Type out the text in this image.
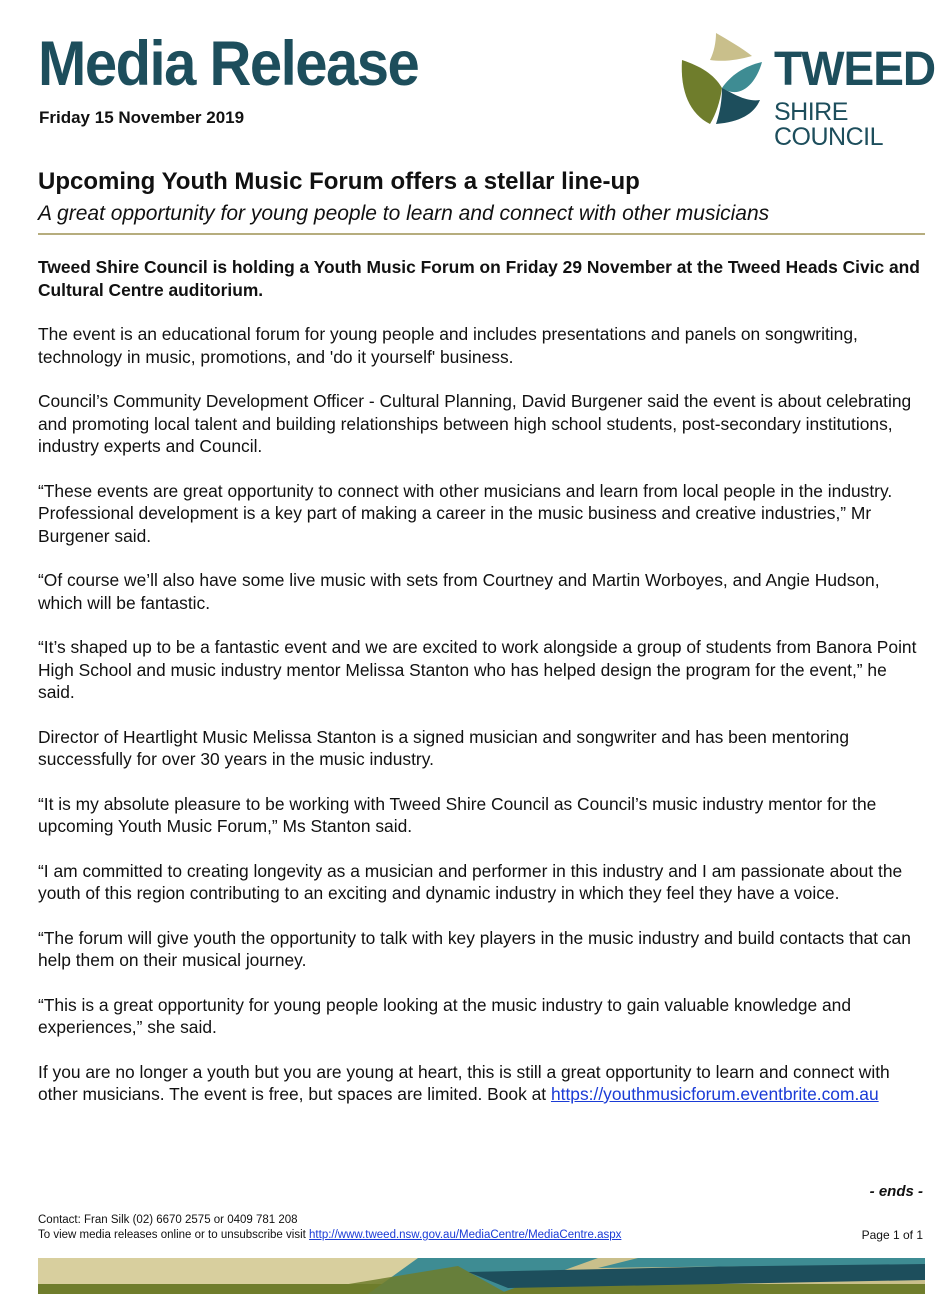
Media Release
Friday 15 November 2019
TWEED
SHIRE COUNCIL
Upcoming Youth Music Forum offers a stellar line-up
A great opportunity for young people to learn and connect with other musicians

Tweed Shire Council is holding a Youth Music Forum on Friday 29 November at the Tweed Heads Civic and Cultural Centre auditorium.

The event is an educational forum for young people and includes presentations and panels on songwriting, technology in music, promotions, and 'do it yourself' business.

Council’s Community Development Officer - Cultural Planning, David Burgener said the event is about celebrating and promoting local talent and building relationships between high school students, post-secondary institutions, industry experts and Council.

“These events are great opportunity to connect with other musicians and learn from local people in the industry. Professional development is a key part of making a career in the music business and creative industries,” Mr Burgener said.

“Of course we’ll also have some live music with sets from Courtney and Martin Worboyes, and Angie Hudson, which will be fantastic.

“It’s shaped up to be a fantastic event and we are excited to work alongside a group of students from Banora Point High School and music industry mentor Melissa Stanton who has helped design the program for the event,” he said.

Director of Heartlight Music Melissa Stanton is a signed musician and songwriter and has been mentoring successfully for over 30 years in the music industry.

“It is my absolute pleasure to be working with Tweed Shire Council as Council’s music industry mentor for the upcoming Youth Music Forum,” Ms Stanton said.

“I am committed to creating longevity as a musician and performer in this industry and I am passionate about the youth of this region contributing to an exciting and dynamic industry in which they feel they have a voice.

“The forum will give youth the opportunity to talk with key players in the music industry and build contacts that can help them on their musical journey.

“This is a great opportunity for young people looking at the music industry to gain valuable knowledge and experiences,” she said.

If you are no longer a youth but you are young at heart, this is still a great opportunity to learn and connect with other musicians. The event is free, but spaces are limited. Book at https://youthmusicforum.eventbrite.com.au

- ends -
Contact: Fran Silk (02) 6670 2575 or 0409 781 208
To view media releases online or to unsubscribe visit http://www.tweed.nsw.gov.au/MediaCentre/MediaCentre.aspx	Page 1 of 1
